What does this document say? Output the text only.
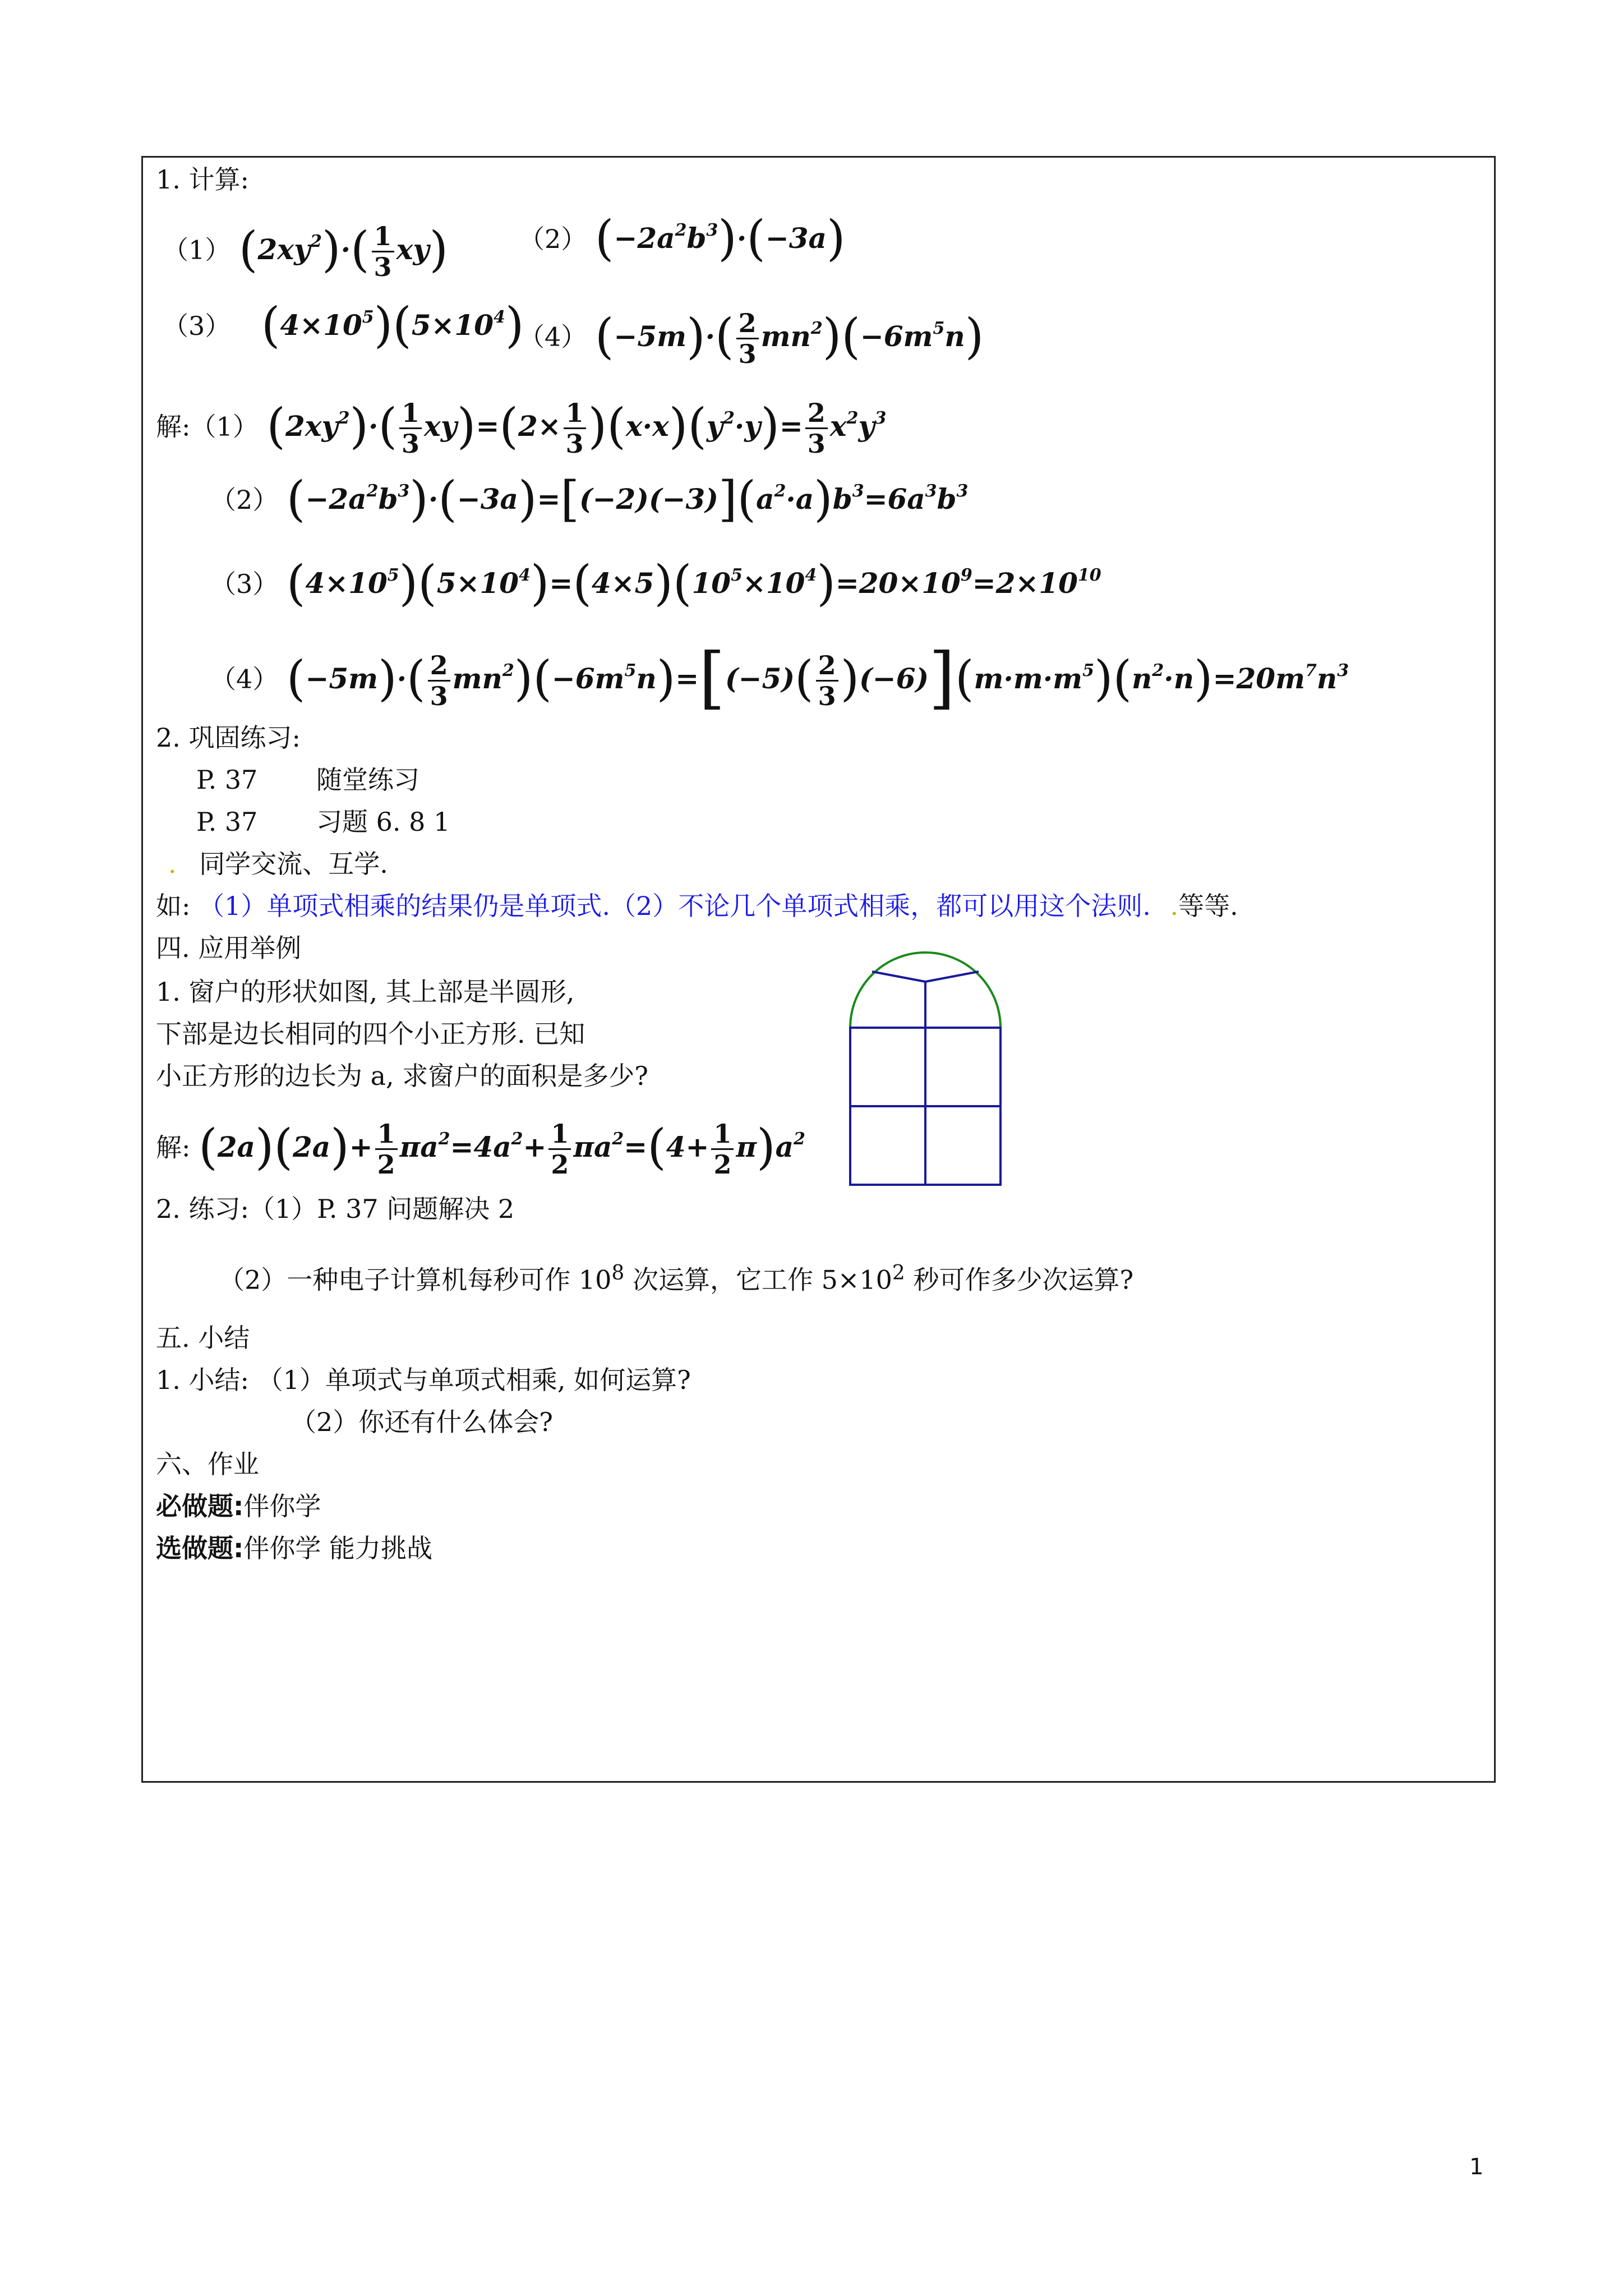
1. 计算:
（1） $(2xy^2)\cdot( \frac{1}{3} xy)$	（2） $(-2a^2b^3)\cdot(-3a)$
（3） $(4\times 10^5)(5\times 10^4)$
（4） $(-5m)\cdot( \frac{2}{3} mn^2)(-6m^5n)$
解:（1） $(2xy^2)\cdot( \frac{1}{3} xy)=(2\times \frac{1}{3} )(x\cdot x)(y^2\cdot y)= \frac{2}{3} x^2y^3$
（2） $(-2a^2b^3)\cdot(-3a)=[(-2)(-3)](a^2\cdot a)b^3=6a^3b^3$
（3） $(4\times 10^5)(5\times 10^4)=(4\times 5)(10^5\times 10^4)=20\times 10^9=2\times 10^{10}$
（4） $(-5m)\cdot( \frac{2}{3} mn^2)(-6m^5n)=[(-5)( \frac{2}{3} )(-6)](m\cdot m\cdot m^5)(n^2\cdot n)=20m^7n^3$
2. 巩固练习:
P. 37 随堂练习
P. 37 习题 6. 8 1
. 同学交流、互学.
如: （1）单项式相乘的结果仍是单项式.（2）不论几个单项式相乘，都可以用这个法则. .等等.
四. 应用举例
1. 窗户的形状如图, 其上部是半圆形,
下部是边长相同的四个小正方形. 已知
小正方形的边长为 a, 求窗户的面积是多少?
解: $(2a)(2a)+ \frac{1}{2} \pi a^2=4a^2+ \frac{1}{2} \pi a^2=(4+ \frac{1}{2} \pi)a^2$
2. 练习:（1）P. 37 问题解决 2
（2）一种电子计算机每秒可作 $10^8$ 次运算，它工作 $5\times 10^2$ 秒可作多少次运算?
五. 小结
1. 小结: （1）单项式与单项式相乘, 如何运算?
（2）你还有什么体会?
六、作业
必做题:伴你学
选做题:伴你学 能力挑战
1
